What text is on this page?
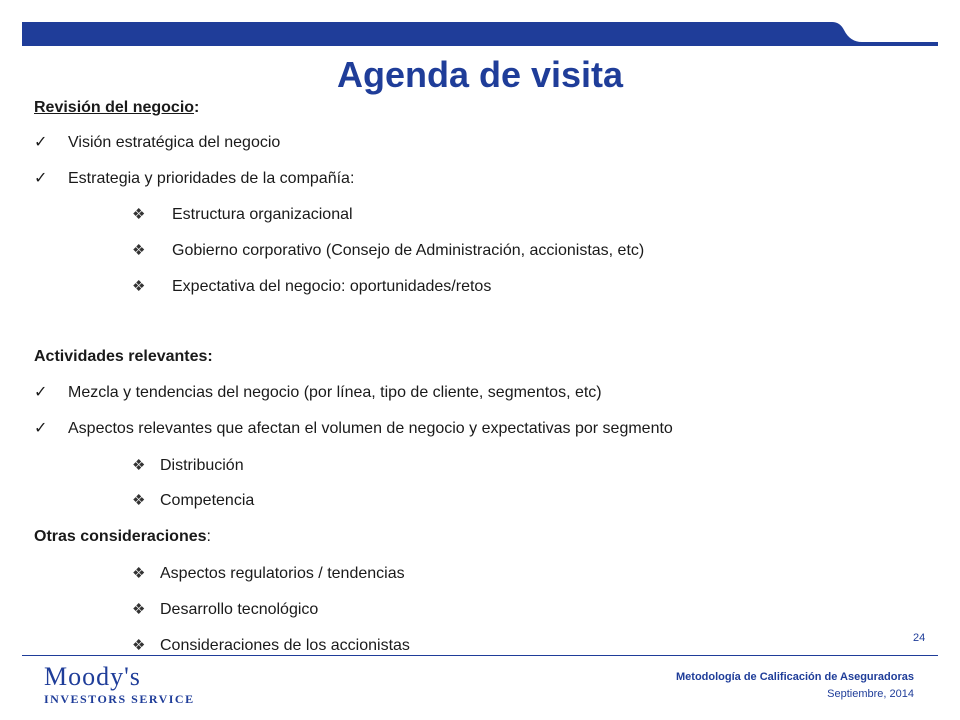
Agenda de visita
Revisión del negocio:
✓ Visión estratégica del negocio
✓ Estrategia y prioridades de la compañía:
❖ Estructura organizacional
❖ Gobierno corporativo (Consejo de Administración, accionistas, etc)
❖ Expectativa del negocio: oportunidades/retos
Actividades relevantes:
✓ Mezcla y tendencias del negocio (por línea, tipo de cliente, segmentos, etc)
✓ Aspectos relevantes que afectan el volumen de negocio y expectativas por segmento
❖ Distribución
❖ Competencia
Otras consideraciones:
❖ Aspectos regulatorios / tendencias
❖ Desarrollo tecnológico
❖ Consideraciones de los accionistas	24
Moody's
INVESTORS SERVICE
Metodología de Calificación de Aseguradoras
Septiembre, 2014
